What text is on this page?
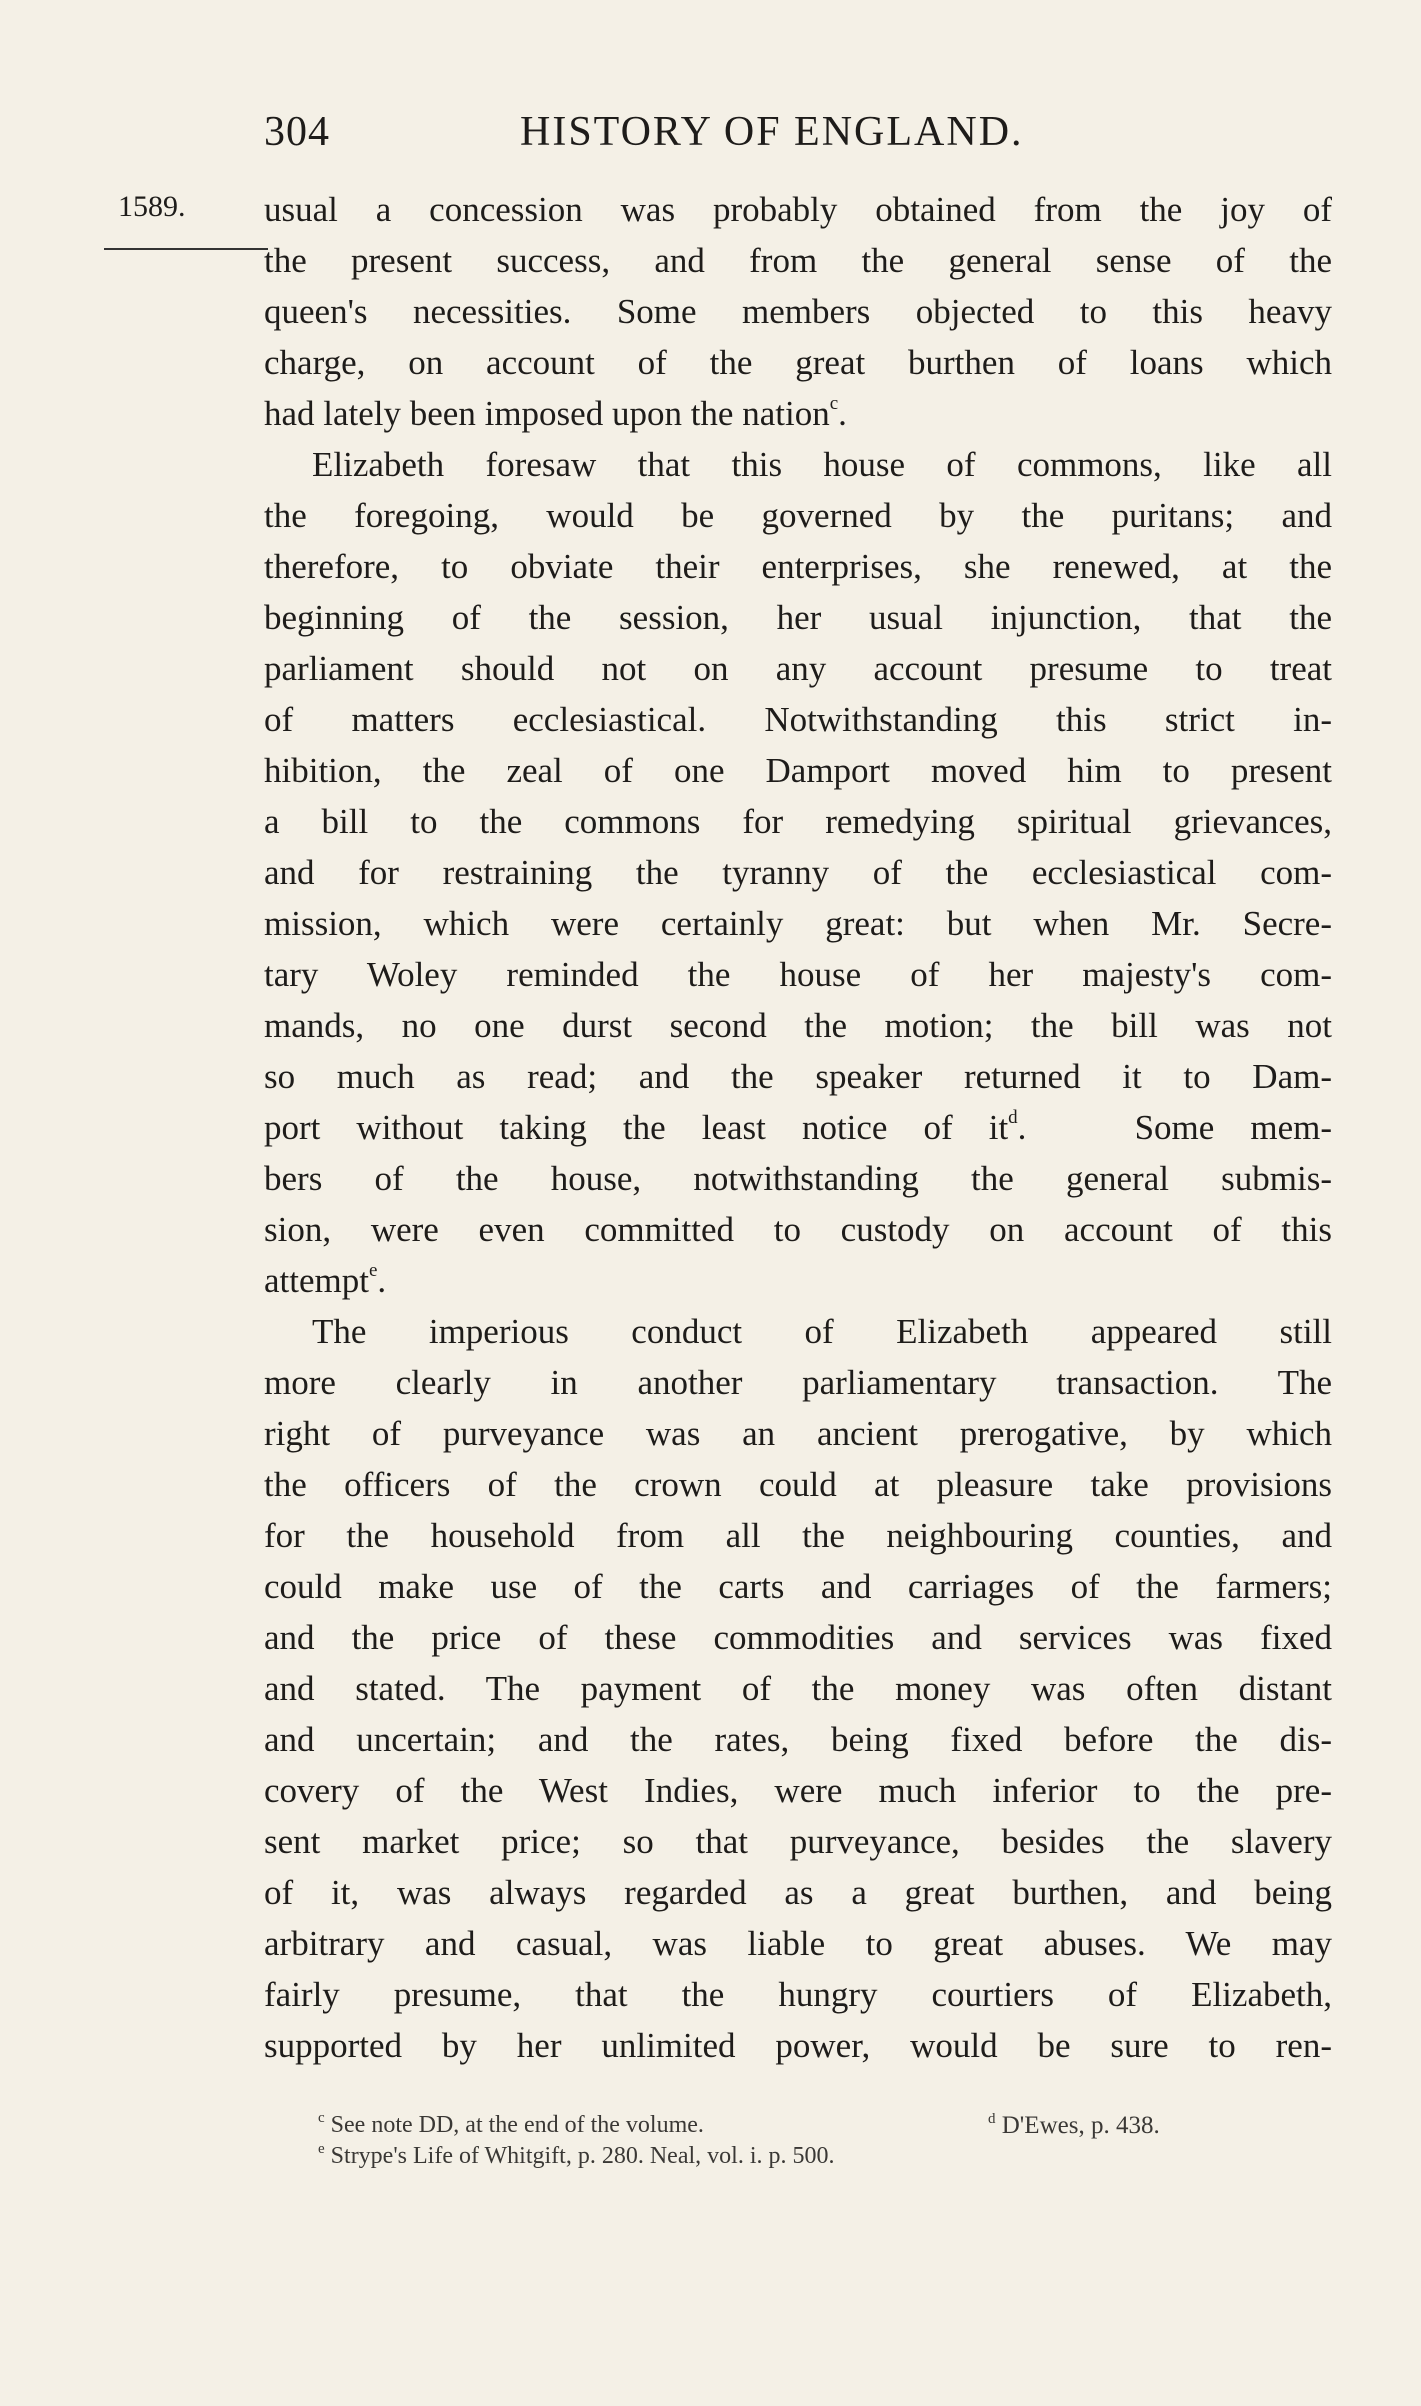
304	HISTORY OF ENGLAND.
1589. usual a concession was probably obtained from the joy of
the present success, and from the general sense of the
queen's necessities. Some members objected to this heavy
charge, on account of the great burthen of loans which
had lately been imposed upon the nation$^c$.
Elizabeth foresaw that this house of commons, like all
the foregoing, would be governed by the puritans; and
therefore, to obviate their enterprises, she renewed, at the
beginning of the session, her usual injunction, that the
parliament should not on any account presume to treat
of matters ecclesiastical. Notwithstanding this strict in-
hibition, the zeal of one Damport moved him to present
a bill to the commons for remedying spiritual grievances,
and for restraining the tyranny of the ecclesiastical com-
mission, which were certainly great: but when Mr. Secre-
tary Woley reminded the house of her majesty's com-
mands, no one durst second the motion; the bill was not
so much as read; and the speaker returned it to Dam-
port without taking the least notice of it$^d$.   Some mem-
bers of the house, notwithstanding the general submis-
sion, were even committed to custody on account of this
attempt$^e$.
The imperious conduct of Elizabeth appeared still
more clearly in another parliamentary transaction. The
right of purveyance was an ancient prerogative, by which
the officers of the crown could at pleasure take provisions
for the household from all the neighbouring counties, and
could make use of the carts and carriages of the farmers;
and the price of these commodities and services was fixed
and stated. The payment of the money was often distant
and uncertain; and the rates, being fixed before the dis-
covery of the West Indies, were much inferior to the pre-
sent market price; so that purveyance, besides the slavery
of it, was always regarded as a great burthen, and being
arbitrary and casual, was liable to great abuses. We may
fairly presume, that the hungry courtiers of Elizabeth,
supported by her unlimited power, would be sure to ren-
$^c$ See note DD, at the end of the volume.	$^d$ D'Ewes, p. 438.
$^e$ Strype's Life of Whitgift, p. 280. Neal, vol. i. p. 500.
